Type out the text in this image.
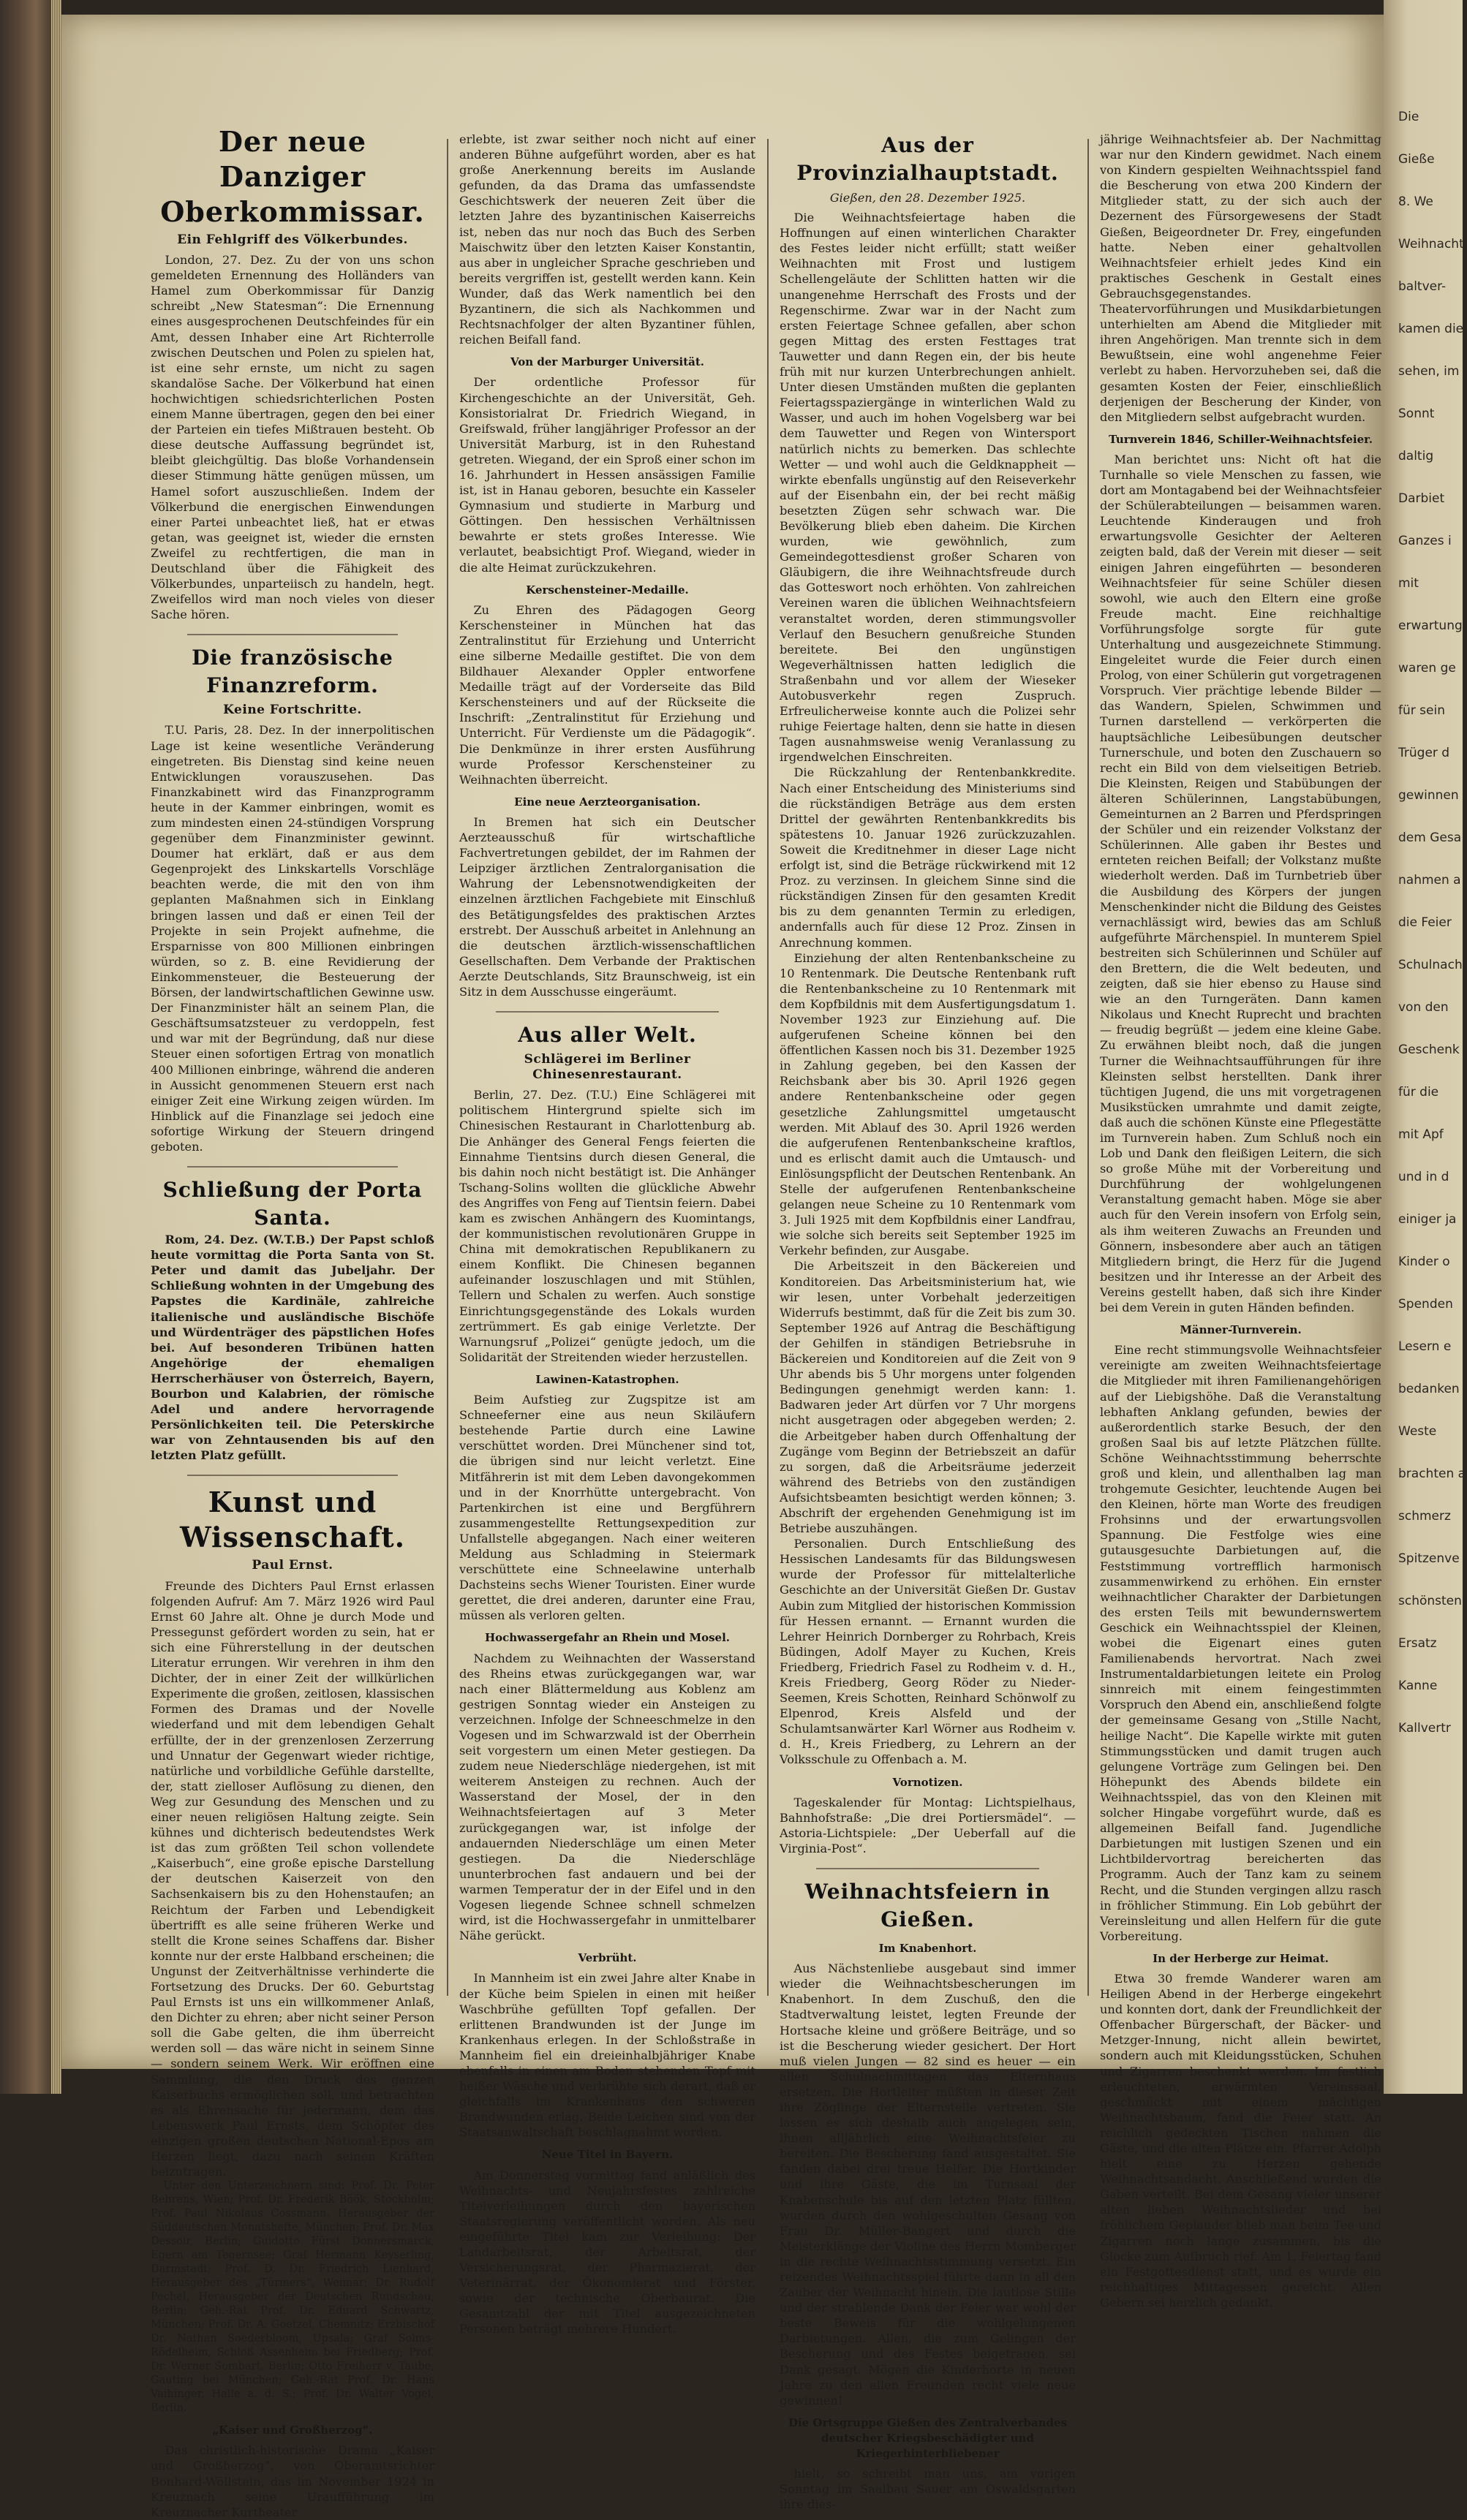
Der neue Danziger Oberkommissar.
Ein Fehlgriff des Völkerbundes.

London, 27. Dez. Zu der von uns schon gemeldeten Ernennung des Holländers van Hamel zum Oberkommissar für Danzig schreibt „New Statesman“: Die Ernennung eines ausgesprochenen Deutschfeindes für ein Amt, dessen Inhaber eine Art Richterrolle zwischen Deutschen und Polen zu spielen hat, ist eine sehr ernste, um nicht zu sagen skandalöse Sache. Der Völkerbund hat einen hochwichtigen schiedsrichterlichen Posten einem Manne übertragen, gegen den bei einer der Parteien ein tiefes Mißtrauen besteht. Ob diese deutsche Auffassung begründet ist, bleibt gleichgültig. Das bloße Vorhandensein dieser Stimmung hätte genügen müssen, um Hamel sofort auszuschließen. Indem der Völkerbund die energischen Einwendungen einer Partei unbeachtet ließ, hat er etwas getan, was geeignet ist, wieder die ernsten Zweifel zu rechtfertigen, die man in Deutschland über die Fähigkeit des Völkerbundes, unparteiisch zu handeln, hegt. Zweifellos wird man noch vieles von dieser Sache hören.

Die französische Finanzreform.
Keine Fortschritte.

T.U. Paris, 28. Dez. In der innerpolitischen Lage ist keine wesentliche Veränderung eingetreten. Bis Dienstag sind keine neuen Entwicklungen vorauszusehen. Das Finanzkabinett wird das Finanzprogramm heute in der Kammer einbringen, womit es zum mindesten einen 24-stündigen Vorsprung gegenüber dem Finanzminister gewinnt. Doumer hat erklärt, daß er aus dem Gegenprojekt des Linkskartells Vorschläge beachten werde, die mit den von ihm geplanten Maßnahmen sich in Einklang bringen lassen und daß er einen Teil der Projekte in sein Projekt aufnehme, die Ersparnisse von 800 Millionen einbringen würden, so z. B. eine Revidierung der Einkommensteuer, die Besteuerung der Börsen, der landwirtschaftlichen Gewinne usw. Der Finanzminister hält an seinem Plan, die Geschäftsumsatzsteuer zu verdoppeln, fest und war mit der Begründung, daß nur diese Steuer einen sofortigen Ertrag von monatlich 400 Millionen einbringe, während die anderen in Aussicht genommenen Steuern erst nach einiger Zeit eine Wirkung zeigen würden. Im Hinblick auf die Finanzlage sei jedoch eine sofortige Wirkung der Steuern dringend geboten.

Schließung der Porta Santa.

Rom, 24. Dez. (W.T.B.) Der Papst schloß heute vormittag die Porta Santa von St. Peter und damit das Jubeljahr. Der Schließung wohnten in der Umgebung des Papstes die Kardinäle, zahlreiche italienische und ausländische Bischöfe und Würdenträger des päpstlichen Hofes bei. Auf besonderen Tribünen hatten Angehörige der ehemaligen Herrscherhäuser von Österreich, Bayern, Bourbon und Kalabrien, der römische Adel und andere hervorragende Persönlichkeiten teil. Die Peterskirche war von Zehntausenden bis auf den letzten Platz gefüllt.

Kunst und Wissenschaft.
Paul Ernst.

Freunde des Dichters Paul Ernst erlassen folgenden Aufruf: Am 7. März 1926 wird Paul Ernst 60 Jahre alt. Ohne je durch Mode und Pressegunst gefördert worden zu sein, hat er sich eine Führerstellung in der deutschen Literatur errungen. Wir verehren in ihm den Dichter, der in einer Zeit der willkürlichen Experimente die großen, zeitlosen, klassischen Formen des Dramas und der Novelle wiederfand und mit dem lebendigen Gehalt erfüllte, der in der grenzenlosen Zerzerrung und Unnatur der Gegenwart wieder richtige, natürliche und vorbildliche Gefühle darstellte, der, statt zielloser Auflösung zu dienen, den Weg zur Gesundung des Menschen und zu einer neuen religiösen Haltung zeigte. Sein kühnes und dichterisch bedeutendstes Werk ist das zum größten Teil schon vollendete „Kaiserbuch“, eine große epische Darstellung der deutschen Kaiserzeit von den Sachsenkaisern bis zu den Hohenstaufen; an Reichtum der Farben und Lebendigkeit übertrifft es alle seine früheren Werke und stellt die Krone seines Schaffens dar. Bisher konnte nur der erste Halbband erscheinen; die Ungunst der Zeitverhältnisse verhinderte die Fortsetzung des Drucks. Der 60. Geburtstag Paul Ernsts ist uns ein willkommener Anlaß, den Dichter zu ehren; aber nicht seiner Person soll die Gabe gelten, die ihm überreicht werden soll — das wäre nicht in seinem Sinne — sondern seinem Werk. Wir eröffnen eine Sammlung, die den Druck des ganzen Kaiserbuchs ermöglichen soll, und betrachten es als Ehrensache für jedermann, dem das Lebenswerk Paul Ernsts, dem Schöpfer des einzigen großen deutschen National-Epos am Herzen liegt, dazu nach seinen Kräften beizutragen.

Unter den Unterzeichnern sind: Prof. Dr. Peter Behrens, Wien; Prof. Dr. Frederik Böök, Stockholm; Prof. Paul Nikolaus Cossmann, Herausgeber der Süddeutschen Monatshefte, München; Prof. Dr. Max Dessoir, Berlin; Guidotto Fürst Donnersmarck, Egern am Tegernsee; Graf Hermann Keyserling, Darmstadt; Prof. D. Dr. Friedrich Lienhard, Herausgeber des „Türmers“, Weimar; Dr. Rudolf Pechel, Herausgeber der Deutschen Rundschau, Berlin; Geh.-Rat Prof. Dr. Eduard Schwartz, München; Prof. Dr. A. Goetzel, Chemnitz; Erzbischof Dr. Nathan Soederbloom, Upsala; Graf Solms-Rödelheim, Schloß Assenheim bei Friedberg; Prof. Dr. Werner Sombart, Berlin; Otto Freiherr v. Taube, Gauting bei München; Geh.-Rat Prof. Dr. Hans Vaihinger, Halle a. d. S.; Prof. Dr. Walter Vogel, Berlin.

„Kaiser und Großherzog“.

Das christlich-historische Drama „Kaiser und Großherzog“, von Oberamtsrichter Bonhard-Wöllstein, das im November 1924 in Kreuznach seine Uraufführung im Kreuznacher Kurtheater

erlebte, ist zwar seither noch nicht auf einer anderen Bühne aufgeführt worden, aber es hat große Anerkennung bereits im Auslande gefunden, da das Drama das umfassendste Geschichtswerk der neueren Zeit über die letzten Jahre des byzantinischen Kaiserreichs ist, neben das nur noch das Buch des Serben Maischwitz über den letzten Kaiser Konstantin, aus aber in ungleicher Sprache geschrieben und bereits vergriffen ist, gestellt werden kann. Kein Wunder, daß das Werk namentlich bei den Byzantinern, die sich als Nachkommen und Rechtsnachfolger der alten Byzantiner fühlen, reichen Beifall fand.

Von der Marburger Universität.

Der ordentliche Professor für Kirchengeschichte an der Universität, Geh. Konsistorialrat Dr. Friedrich Wiegand, in Greifswald, früher langjähriger Professor an der Universität Marburg, ist in den Ruhestand getreten. Wiegand, der ein Sproß einer schon im 16. Jahrhundert in Hessen ansässigen Familie ist, ist in Hanau geboren, besuchte ein Kasseler Gymnasium und studierte in Marburg und Göttingen. Den hessischen Verhältnissen bewahrte er stets großes Interesse. Wie verlautet, beabsichtigt Prof. Wiegand, wieder in die alte Heimat zurückzukehren.

Kerschensteiner-Medaille.

Zu Ehren des Pädagogen Georg Kerschensteiner in München hat das Zentralinstitut für Erziehung und Unterricht eine silberne Medaille gestiftet. Die von dem Bildhauer Alexander Oppler entworfene Medaille trägt auf der Vorderseite das Bild Kerschensteiners und auf der Rückseite die Inschrift: „Zentralinstitut für Erziehung und Unterricht. Für Verdienste um die Pädagogik“. Die Denkmünze in ihrer ersten Ausführung wurde Professor Kerschensteiner zu Weihnachten überreicht.

Eine neue Aerzteorganisation.

In Bremen hat sich ein Deutscher Aerzteausschuß für wirtschaftliche Fachvertretungen gebildet, der im Rahmen der Leipziger ärztlichen Zentralorganisation die Wahrung der Lebensnotwendigkeiten der einzelnen ärztlichen Fachgebiete mit Einschluß des Betätigungsfeldes des praktischen Arztes erstrebt. Der Ausschuß arbeitet in Anlehnung an die deutschen ärztlich-wissenschaftlichen Gesellschaften. Dem Verbande der Praktischen Aerzte Deutschlands, Sitz Braunschweig, ist ein Sitz in dem Ausschusse eingeräumt.

Aus aller Welt.
Schlägerei im Berliner Chinesenrestaurant.

Berlin, 27. Dez. (T.U.) Eine Schlägerei mit politischem Hintergrund spielte sich im Chinesischen Restaurant in Charlottenburg ab. Die Anhänger des General Fengs feierten die Einnahme Tientsins durch diesen General, die bis dahin noch nicht bestätigt ist. Die Anhänger Tschang-Solins wollten die glückliche Abwehr des Angriffes von Feng auf Tientsin feiern. Dabei kam es zwischen Anhängern des Kuomintangs, der kommunistischen revolutionären Gruppe in China mit demokratischen Republikanern zu einem Konflikt. Die Chinesen begannen aufeinander loszuschlagen und mit Stühlen, Tellern und Schalen zu werfen. Auch sonstige Einrichtungsgegenstände des Lokals wurden zertrümmert. Es gab einige Verletzte. Der Warnungsruf „Polizei“ genügte jedoch, um die Solidarität der Streitenden wieder herzustellen.

Lawinen-Katastrophen.

Beim Aufstieg zur Zugspitze ist am Schneeferner eine aus neun Skiläufern bestehende Partie durch eine Lawine verschüttet worden. Drei Münchener sind tot, die übrigen sind nur leicht verletzt. Eine Mitfährerin ist mit dem Leben davongekommen und in der Knorrhütte untergebracht. Von Partenkirchen ist eine und Bergführern zusammengestellte Rettungsexpedition zur Unfallstelle abgegangen. Nach einer weiteren Meldung aus Schladming in Steiermark verschüttete eine Schneelawine unterhalb Dachsteins sechs Wiener Touristen. Einer wurde gerettet, die drei anderen, darunter eine Frau, müssen als verloren gelten.

Hochwassergefahr an Rhein und Mosel.

Nachdem zu Weihnachten der Wasserstand des Rheins etwas zurückgegangen war, war nach einer Blättermeldung aus Koblenz am gestrigen Sonntag wieder ein Ansteigen zu verzeichnen. Infolge der Schneeschmelze in den Vogesen und im Schwarzwald ist der Oberrhein seit vorgestern um einen Meter gestiegen. Da zudem neue Niederschläge niedergehen, ist mit weiterem Ansteigen zu rechnen. Auch der Wasserstand der Mosel, der in den Weihnachtsfeiertagen auf 3 Meter zurückgegangen war, ist infolge der andauernden Niederschläge um einen Meter gestiegen. Da die Niederschläge ununterbrochen fast andauern und bei der warmen Temperatur der in der Eifel und in den Vogesen liegende Schnee schnell schmelzen wird, ist die Hochwassergefahr in unmittelbarer Nähe gerückt.

Verbrüht.

In Mannheim ist ein zwei Jahre alter Knabe in der Küche beim Spielen in einen mit heißer Waschbrühe gefüllten Topf gefallen. Der erlittenen Brandwunden ist der Junge im Krankenhaus erlegen. In der Schloßstraße in Mannheim fiel ein dreieinhalbjähriger Knabe ebenfalls in einen am Boden stehenden Topf mit heißer Wäsche und verbrühte sich derart, daß er gleichfalls im Krankenhaus den schweren Brandwunden erlag. Beide Leichen sind von der Staatsanwaltschaft beschlagnahmt worden.

Neue Titel in Bayern.

Am Donnerstag vormittag fand anläßlich des Weihnachts- und Neujahrsfestes zahlreiche Titelverleihungen durch den bayerischen Staatsregierung veröffentlicht worden. Als neu eingeführte Titel kam zur Verleihung: Der Landarbeitsrat, der Arbeitsrat, der Versicherungsrat, der Pharmazierat, der Veterinärrat, der Ökonomierat und Förster, sowie der technische Oberbaurat. Die Gesamtzahl der mit Titel ausgezeichneten Personen beträgt mehrere Hundert.

Aus der Provinzialhauptstadt.
Gießen, den 28. Dezember 1925.

Die Weihnachtsfeiertage haben die Hoffnungen auf einen winterlichen Charakter des Festes leider nicht erfüllt; statt weißer Weihnachten mit Frost und lustigem Schellengeläute der Schlitten hatten wir die unangenehme Herrschaft des Frosts und der Regenschirme. Zwar war in der Nacht zum ersten Feiertage Schnee gefallen, aber schon gegen Mittag des ersten Festtages trat Tauwetter und dann Regen ein, der bis heute früh mit nur kurzen Unterbrechungen anhielt. Unter diesen Umständen mußten die geplanten Feiertagsspaziergänge in winterlichen Wald zu Wasser, und auch im hohen Vogelsberg war bei dem Tauwetter und Regen von Wintersport natürlich nichts zu bemerken. Das schlechte Wetter — und wohl auch die Geldknappheit — wirkte ebenfalls ungünstig auf den Reiseverkehr auf der Eisenbahn ein, der bei recht mäßig besetzten Zügen sehr schwach war. Die Bevölkerung blieb eben daheim. Die Kirchen wurden, wie gewöhnlich, zum Gemeindegottesdienst großer Scharen von Gläubigern, die ihre Weihnachtsfreude durch das Gotteswort noch erhöhten. Von zahlreichen Vereinen waren die üblichen Weihnachtsfeiern veranstaltet worden, deren stimmungsvoller Verlauf den Besuchern genußreiche Stunden bereitete. Bei den ungünstigen Wegeverhältnissen hatten lediglich die Straßenbahn und vor allem der Wieseker Autobusverkehr regen Zuspruch. Erfreulicherweise konnte auch die Polizei sehr ruhige Feiertage halten, denn sie hatte in diesen Tagen ausnahmsweise wenig Veranlassung zu irgendwelchen Einschreiten.

Die Rückzahlung der Rentenbankkredite. Nach einer Entscheidung des Ministeriums sind die rückständigen Beträge aus dem ersten Drittel der gewährten Rentenbankkredits bis spätestens 10. Januar 1926 zurückzuzahlen. Soweit die Kreditnehmer in dieser Lage nicht erfolgt ist, sind die Beträge rückwirkend mit 12 Proz. zu verzinsen. In gleichem Sinne sind die rückständigen Zinsen für den gesamten Kredit bis zu dem genannten Termin zu erledigen, andernfalls auch für diese 12 Proz. Zinsen in Anrechnung kommen.

Einziehung der alten Rentenbankscheine zu 10 Rentenmark. Die Deutsche Rentenbank ruft die Rentenbankscheine zu 10 Rentenmark mit dem Kopfbildnis mit dem Ausfertigungsdatum 1. November 1923 zur Einziehung auf. Die aufgerufenen Scheine können bei den öffentlichen Kassen noch bis 31. Dezember 1925 in Zahlung gegeben, bei den Kassen der Reichsbank aber bis 30. April 1926 gegen andere Rentenbankscheine oder gegen gesetzliche Zahlungsmittel umgetauscht werden. Mit Ablauf des 30. April 1926 werden die aufgerufenen Rentenbankscheine kraftlos, und es erlischt damit auch die Umtausch- und Einlösungspflicht der Deutschen Rentenbank. An Stelle der aufgerufenen Rentenbankscheine gelangen neue Scheine zu 10 Rentenmark vom 3. Juli 1925 mit dem Kopfbildnis einer Landfrau, wie solche sich bereits seit September 1925 im Verkehr befinden, zur Ausgabe.

Die Arbeitszeit in den Bäckereien und Konditoreien. Das Arbeitsministerium hat, wie wir lesen, unter Vorbehalt jederzeitigen Widerrufs bestimmt, daß für die Zeit bis zum 30. September 1926 auf Antrag die Beschäftigung der Gehilfen in ständigen Betriebsruhe in Bäckereien und Konditoreien auf die Zeit von 9 Uhr abends bis 5 Uhr morgens unter folgenden Bedingungen genehmigt werden kann: 1. Badwaren jeder Art dürfen vor 7 Uhr morgens nicht ausgetragen oder abgegeben werden; 2. die Arbeitgeber haben durch Offenhaltung der Zugänge vom Beginn der Betriebszeit an dafür zu sorgen, daß die Arbeitsräume jederzeit während des Betriebs von den zuständigen Aufsichtsbeamten besichtigt werden können; 3. Abschrift der ergehenden Genehmigung ist im Betriebe auszuhängen.

Personalien. Durch Entschließung des Hessischen Landesamts für das Bildungswesen wurde der Professor für mittelalterliche Geschichte an der Universität Gießen Dr. Gustav Aubin zum Mitglied der historischen Kommission für Hessen ernannt. — Ernannt wurden die Lehrer Heinrich Dornberger zu Rohrbach, Kreis Büdingen, Adolf Mayer zu Kuchen, Kreis Friedberg, Friedrich Fasel zu Rodheim v. d. H., Kreis Friedberg, Georg Röder zu Nieder-Seemen, Kreis Schotten, Reinhard Schönwolf zu Elpenrod, Kreis Alsfeld und der Schulamtsanwärter Karl Wörner aus Rodheim v. d. H., Kreis Friedberg, zu Lehrern an der Volksschule zu Offenbach a. M.

Vornotizen.

Tageskalender für Montag: Lichtspielhaus, Bahnhofstraße: „Die drei Portiersmädel“. — Astoria-Lichtspiele: „Der Ueberfall auf die Virginia-Post“.

Weihnachtsfeiern in Gießen.
Im Knabenhort.

Aus Nächstenliebe ausgebaut sind immer wieder die Weihnachtsbescherungen im Knabenhort. In dem Zuschuß, den die Stadtverwaltung leistet, legten Freunde der Hortsache kleine und größere Beiträge, und so ist die Bescherung wieder gesichert. Der Hort muß vielen Jungen — 82 sind es heuer — ein allen Schulnachmittagen das Elternhaus ersetzen. Die Hortleiter müßten in dieser Zeit ihre Zöglinge der Elternstelle vertreten. Sie lassen es sich deshalb auch angelegen sein, ihnen alljährlich eine Weihnachtsfeier zu bereiten. Die Bescherung fand ausgestaltet. Sie fanden dabei drei treue Helfer. Die Hortkinder und ihre Gäste, die im Turnsaal der Knabenschule bis auf den letzten Platz füllten, wurden durch den wohlgeschulten Gesang von Frau Dr. Müller-Bangert und durch die Meisterklänge der Violine des Herrn Momberger in die rechte Weihnachtsstimmung versetzt. Ein reizendes Weihnachtsspiel führte dann in all den Zauber der Weihnacht hinein. Die lautlose Stille und der strahlende Dank der Feier war wohl der beste Beweis für die wohlgelungenen Darbietungen. Allen, die zum Gelingen der Bescherung und des Festes beigetragen, sei Dank gesagt. Mögen die Kinderhorte in neuen Jahre zu den allen Freunden recht viele neue gewinnen!

Die Ortsgruppe Gießen des Zentralverbandes deutscher Kriegsbeschädigter und Kriegerhinterbliebener

hielt, so schreibt man uns, am vorigen Sonntag im Saalbau Sauer am Oswaldsgarten ihre dies-

jährige Weihnachtsfeier ab. Der Nachmittag war nur den Kindern gewidmet. Nach einem von Kindern gespielten Weihnachtsspiel fand die Bescherung von etwa 200 Kindern der Mitglieder statt, zu der sich auch der Dezernent des Fürsorgewesens der Stadt Gießen, Beigeordneter Dr. Frey, eingefunden hatte. Neben einer gehaltvollen Weihnachtsfeier erhielt jedes Kind ein praktisches Geschenk in Gestalt eines Gebrauchsgegenstandes. Theatervorführungen und Musikdarbietungen unterhielten am Abend die Mitglieder mit ihren Angehörigen. Man trennte sich in dem Bewußtsein, eine wohl angenehme Feier verlebt zu haben. Hervorzuheben sei, daß die gesamten Kosten der Feier, einschließlich derjenigen der Bescherung der Kinder, von den Mitgliedern selbst aufgebracht wurden.

Turnverein 1846, Schiller-Weihnachtsfeier.

Man berichtet uns: Nicht oft hat die Turnhalle so viele Menschen zu fassen, wie dort am Montagabend bei der Weihnachtsfeier der Schülerabteilungen — beisammen waren. Leuchtende Kinderaugen und froh erwartungsvolle Gesichter der Aelteren zeigten bald, daß der Verein mit dieser — seit einigen Jahren eingeführten — besonderen Weihnachtsfeier für seine Schüler diesen sowohl, wie auch den Eltern eine große Freude macht. Eine reichhaltige Vorführungsfolge sorgte für gute Unterhaltung und ausgezeichnete Stimmung. Eingeleitet wurde die Feier durch einen Prolog, von einer Schülerin gut vorgetragenen Vorspruch. Vier prächtige lebende Bilder — das Wandern, Spielen, Schwimmen und Turnen darstellend — verkörperten die hauptsächliche Leibesübungen deutscher Turnerschule, und boten den Zuschauern so recht ein Bild von dem vielseitigen Betrieb. Die Kleinsten, Reigen und Stabübungen der älteren Schülerinnen, Langstabübungen, Gemeinturnen an 2 Barren und Pferdspringen der Schüler und ein reizender Volkstanz der Schülerinnen. Alle gaben ihr Bestes und ernteten reichen Beifall; der Volkstanz mußte wiederholt werden. Daß im Turnbetrieb über die Ausbildung des Körpers der jungen Menschenkinder nicht die Bildung des Geistes vernachlässigt wird, bewies das am Schluß aufgeführte Märchenspiel. In munterem Spiel bestreiten sich Schülerinnen und Schüler auf den Brettern, die die Welt bedeuten, und zeigten, daß sie hier ebenso zu Hause sind wie an den Turngeräten. Dann kamen Nikolaus und Knecht Ruprecht und brachten — freudig begrüßt — jedem eine kleine Gabe. Zu erwähnen bleibt noch, daß die jungen Turner die Weihnachtsaufführungen für ihre Kleinsten selbst herstellten. Dank ihrer tüchtigen Jugend, die uns mit vorgetragenen Musikstücken umrahmte und damit zeigte, daß auch die schönen Künste eine Pflegestätte im Turnverein haben. Zum Schluß noch ein Lob und Dank den fleißigen Leitern, die sich so große Mühe mit der Vorbereitung und Durchführung der wohlgelungenen Veranstaltung gemacht haben. Möge sie aber auch für den Verein insofern von Erfolg sein, als ihm weiteren Zuwachs an Freunden und Gönnern, insbesondere aber auch an tätigen Mitgliedern bringt, die Herz für die Jugend besitzen und ihr Interesse an der Arbeit des Vereins gestellt haben, daß sich ihre Kinder bei dem Verein in guten Händen befinden.

Männer-Turnverein.

Eine recht stimmungsvolle Weihnachtsfeier vereinigte am zweiten Weihnachtsfeiertage die Mitglieder mit ihren Familienangehörigen auf der Liebigshöhe. Daß die Veranstaltung lebhaften Anklang gefunden, bewies der außerordentlich starke Besuch, der den großen Saal bis auf letzte Plätzchen füllte. Schöne Weihnachtsstimmung beherrschte groß und klein, und allenthalben lag man trohgemute Gesichter, leuchtende Augen bei den Kleinen, hörte man Worte des freudigen Frohsinns und der erwartungsvollen Spannung. Die Festfolge wies eine gutausgesuchte Darbietungen auf, die Feststimmung vortrefflich harmonisch zusammenwirkend zu erhöhen. Ein ernster weihnachtlicher Charakter der Darbietungen des ersten Teils mit bewundernswertem Geschick ein Weihnachtsspiel der Kleinen, wobei die Eigenart eines guten Familienabends hervortrat. Nach zwei Instrumentaldarbietungen leitete ein Prolog sinnreich mit einem feingestimmten Vorspruch den Abend ein, anschließend folgte der gemeinsame Gesang von „Stille Nacht, heilige Nacht“. Die Kapelle wirkte mit guten Stimmungsstücken und damit trugen auch gelungene Vorträge zum Gelingen bei. Den Höhepunkt des Abends bildete ein Weihnachtsspiel, das von den Kleinen mit solcher Hingabe vorgeführt wurde, daß es allgemeinen Beifall fand. Jugendliche Darbietungen mit lustigen Szenen und ein Lichtbildervortrag bereicherten das Programm. Auch der Tanz kam zu seinem Recht, und die Stunden vergingen allzu rasch in fröhlicher Stimmung. Ein Lob gebührt der Vereinsleitung und allen Helfern für die gute Vorbereitung.

In der Herberge zur Heimat.

Etwa 30 fremde Wanderer waren am Heiligen Abend in der Herberge eingekehrt und konnten dort, dank der Freundlichkeit der Offenbacher Bürgerschaft, der Bäcker- und Metzger-Innung, nicht allein bewirtet, sondern auch mit Kleidungsstücken, Schuhen und Zigarren beschenkt werden. Im festlich erleuchteten, erwärmten Vereinssaal, geschmückt mit einem mächtigen Weihnachtsbaum, fand die Feier statt. An reichlich gedeckten Tischen nahmen die Gäste, und die alten Plätze ein. Pfarrer Adolph hielt eine zu Herzen gehende Weihnachtsandacht. Anschließend wurden die Gaben verteilt. Bei dem Gesang vieler unserer alten lieben Weihnachtslieder und bei fröhlichem Geplauder blieb man beim Tee und Zigarren noch lange zusammen, bis die Glocke zum Aufbruch rief. Am 1. Feiertag fand ein Festgottesdienst statt, und es wurde ein reichhaltiges Mittagessen gereicht. Allen Gebern sei herzlich gedankt.

Die
Gieße
8. We
Weihnacht
baltver-
kamen die
sehen, im
Sonnt
daltig
Darbiet
Ganzes i
mit
erwartung
waren ge
für sein
Trüger d
gewinnen
dem Gesa
nahmen a
die Feier
Schulnacht
von den
Geschenk
für die
mit Apf
und in d
einiger ja
Kinder o
Spenden
Lesern e
bedanken
Weste
brachten a
schmerz
Spitzenve
schönsten
Ersatz
Kanne
Kallvertr
